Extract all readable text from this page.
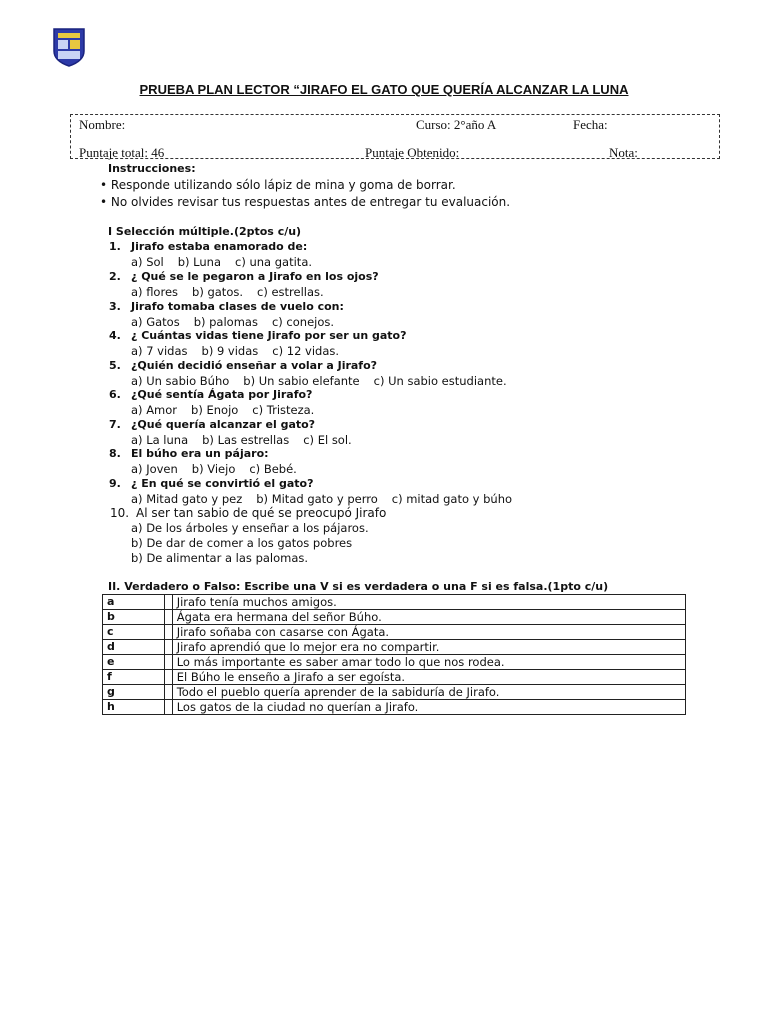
PRUEBA PLAN LECTOR “JIRAFO EL GATO QUE QUERÍA ALCANZAR LA LUNA
Nombre:	Curso: 2°año A	Fecha:
Puntaje total: 46	Puntaje Obtenido:	Nota:
Instrucciones:
• Responde utilizando sólo lápiz de mina y goma de borrar.
• No olvides revisar tus respuestas antes de entregar tu evaluación.
I Selección múltiple.(2ptos c/u)
1. Jirafo estaba enamorado de:
a) Sol b) Luna c) una gatita.
2. ¿ Qué se le pegaron a Jirafo en los ojos?
a) flores b) gatos. c) estrellas.
3. Jirafo tomaba clases de vuelo con:
a) Gatos b) palomas c) conejos.
4. ¿ Cuántas vidas tiene Jirafo por ser un gato?
a) 7 vidas b) 9 vidas c) 12 vidas.
5. ¿Quién decidió enseñar a volar a Jirafo?
a) Un sabio Búho b) Un sabio elefante c) Un sabio estudiante.
6. ¿Qué sentía Ágata por Jirafo?
a) Amor b) Enojo c) Tristeza.
7. ¿Qué quería alcanzar el gato?
a) La luna b) Las estrellas c) El sol.
8. El búho era un pájaro:
a) Joven b) Viejo c) Bebé.
9. ¿ En qué se convirtió el gato?
a) Mitad gato y pez b) Mitad gato y perro c) mitad gato y búho
10. Al ser tan sabio de qué se preocupó Jirafo
a) De los árboles y enseñar a los pájaros.
b) De dar de comer a los gatos pobres
b) De alimentar a las palomas.
II. Verdadero o Falso: Escribe una V si es verdadera o una F si es falsa.(1pto c/u)
a		Jirafo tenía muchos amigos.
b		Ágata era hermana del señor Búho.
c		Jirafo soñaba con casarse con Ágata.
d		Jirafo aprendió que lo mejor era no compartir.
e		Lo más importante es saber amar todo lo que nos rodea.
f		El Búho le enseño a Jirafo a ser egoísta.
g		Todo el pueblo quería aprender de la sabiduría de Jirafo.
h		Los gatos de la ciudad no querían a Jirafo.
